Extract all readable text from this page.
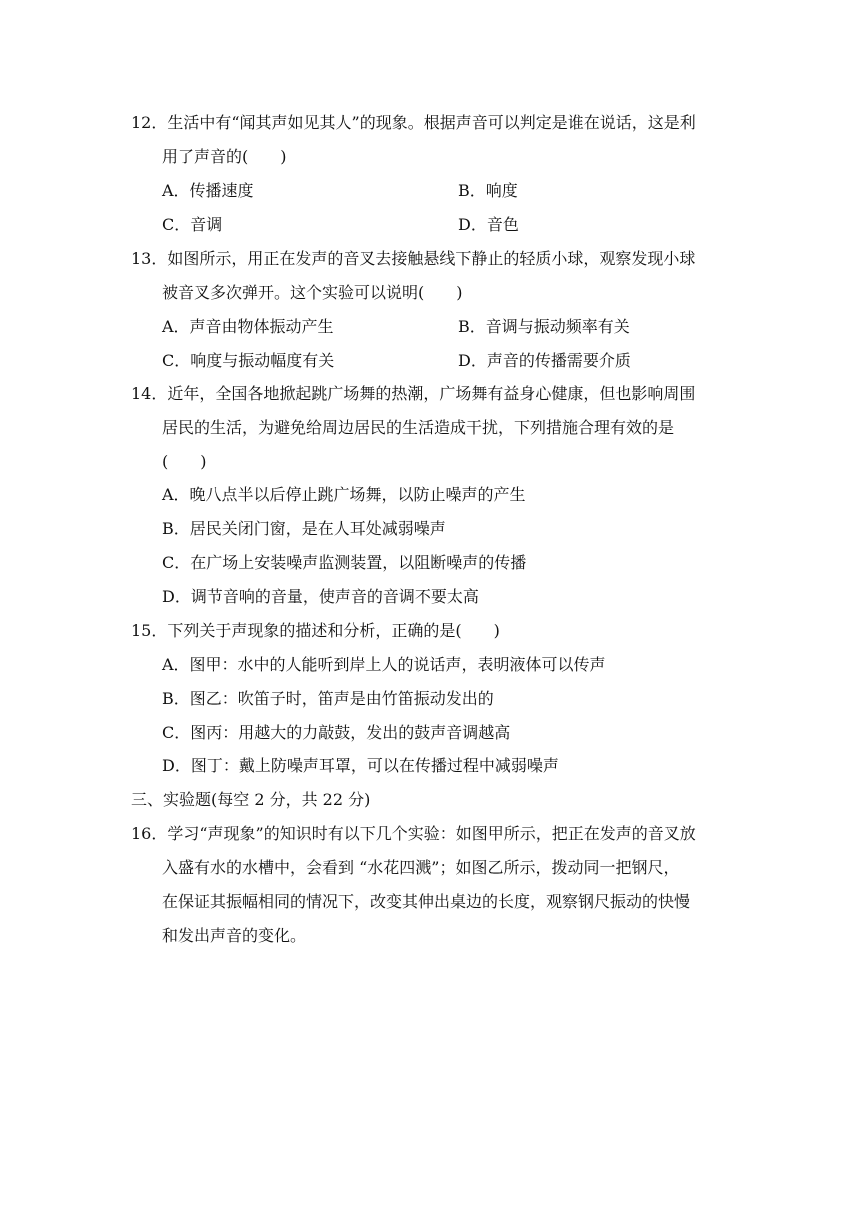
12．生活中有“闻其声如见其人”的现象。根据声音可以判定是谁在说话，这是利
用了声音的(　　)
A．传播速度	B．响度
C．音调	D．音色
13．如图所示，用正在发声的音叉去接触悬线下静止的轻质小球，观察发现小球
被音叉多次弹开。这个实验可以说明(　　)
A．声音由物体振动产生	B．音调与振动频率有关
C．响度与振动幅度有关	D．声音的传播需要介质
14．近年，全国各地掀起跳广场舞的热潮，广场舞有益身心健康，但也影响周围
居民的生活，为避免给周边居民的生活造成干扰，下列措施合理有效的是
(　　)
A．晚八点半以后停止跳广场舞，以防止噪声的产生
B．居民关闭门窗，是在人耳处减弱噪声
C．在广场上安装噪声监测装置，以阻断噪声的传播
D．调节音响的音量，使声音的音调不要太高
15．下列关于声现象的描述和分析，正确的是(　　)
A．图甲：水中的人能听到岸上人的说话声，表明液体可以传声
B．图乙：吹笛子时，笛声是由竹笛振动发出的
C．图丙：用越大的力敲鼓，发出的鼓声音调越高
D．图丁：戴上防噪声耳罩，可以在传播过程中减弱噪声
三、实验题(每空 2 分，共 22 分)
16．学习“声现象”的知识时有以下几个实验：如图甲所示，把正在发声的音叉放
入盛有水的水槽中，会看到 “水花四溅”；如图乙所示，拨动同一把钢尺，
在保证其振幅相同的情况下，改变其伸出桌边的长度，观察钢尺振动的快慢
和发出声音的变化。
